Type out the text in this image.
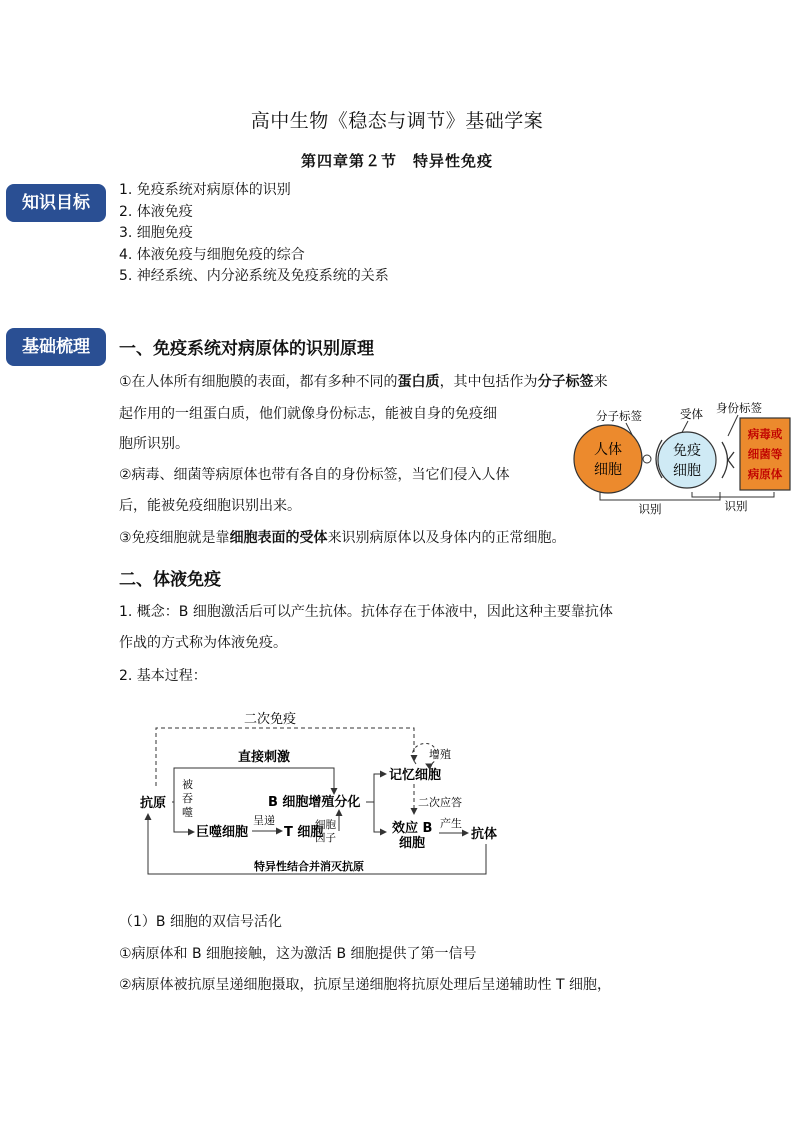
高中生物《稳态与调节》基础学案
第四章第２节　特异性免疫
知识目标
基础梳理
1. 免疫系统对病原体的识别
2. 体液免疫
3. 细胞免疫
4. 体液免疫与细胞免疫的综合
5. 神经系统、内分泌系统及免疫系统的关系
一、免疫系统对病原体的识别原理
①在人体所有细胞膜的表面，都有多种不同的蛋白质，其中包括作为分子标签来
起作用的一组蛋白质，他们就像身份标志，能被自身的免疫细
胞所识别。
②病毒、细菌等病原体也带有各自的身份标签，当它们侵入人体
后，能被免疫细胞识别出来。
③免疫细胞就是靠细胞表面的受体来识别病原体以及身体内的正常细胞。
分子标签	受体 身份标签
人体
细胞
免疫
细胞
病毒或
细菌等
病原体
识别	识别
二、体液免疫
1. 概念：B 细胞激活后可以产生抗体。抗体存在于体液中，因此这种主要靠抗体
作战的方式称为体液免疫。
2. 基本过程：
二次免疫
抗原
直接刺激
被
吞
噬
巨噬细胞
呈递
T 细胞
细胞
因子
B 细胞增殖分化
记忆细胞
增殖
二次应答
效应 B
细胞
产生
抗体
特异性结合并消灭抗原
（1）B 细胞的双信号活化
①病原体和 B 细胞接触，这为激活 B 细胞提供了第一信号
②病原体被抗原呈递细胞摄取，抗原呈递细胞将抗原处理后呈递辅助性 T 细胞，
